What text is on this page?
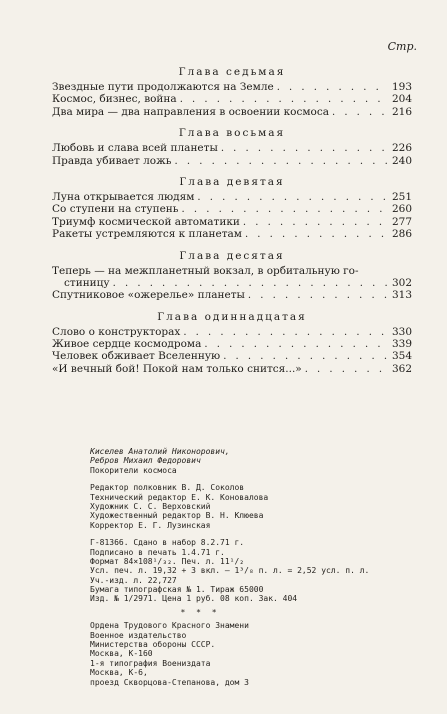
Стр.
Глава седьмая
Звездные пути продолжаются на Земле . . .	193
Космос, бизнес, война . . .	204
Два мира — два направления в освоении космоса . . .	216
Глава восьмая
Любовь и слава всей планеты . . .	226
Правда убивает ложь . . .	240
Глава девятая
Луна открывается людям . . .	251
Со ступени на ступень . . .	260
Триумф космической автоматики . . .	277
Ракеты устремляются к планетам . . .	286
Глава десятая
Теперь — на межпланетный вокзал, в орбитальную го-
стиницу . . .	302
Спутниковое «ожерелье» планеты . . .	313
Глава одиннадцатая
Слово о конструкторах . . .	330
Живое сердце космодрома . . .	339
Человек обживает Вселенную . . .	354
«И вечный бой! Покой нам только снится...» . . .	362
Киселев Анатолий Никонорович,
Ребров Михаил Федорович
Покорители космоса
Редактор полковник В. Д. Соколов
Технический редактор Е. К. Коновалова
Художник С. С. Верховский
Художественный редактор В. Н. Клюева
Корректор Е. Г. Лузинская
Г-81366. Сдано в набор 8.2.71 г.
Подписано в печать 1.4.71 г.
Формат 84×108¹/₃₂. Печ. л. 11¹/₂
Усл. печ. л. 19,32 + 3 вкл. — 1³/₈ п. л. = 2,52 усл. п. л.
Уч.-изд. л. 22,727
Бумага типографская № 1. Тираж 65000
Изд. № 1/2971. Цена 1 руб. 08 коп. Зак. 404
* * *
Ордена Трудового Красного Знамени
Военное издательство
Министерства обороны СССР.
Москва, К-160
1-я типография Воениздата
Москва, К-6,
проезд Скворцова-Степанова, дом 3
